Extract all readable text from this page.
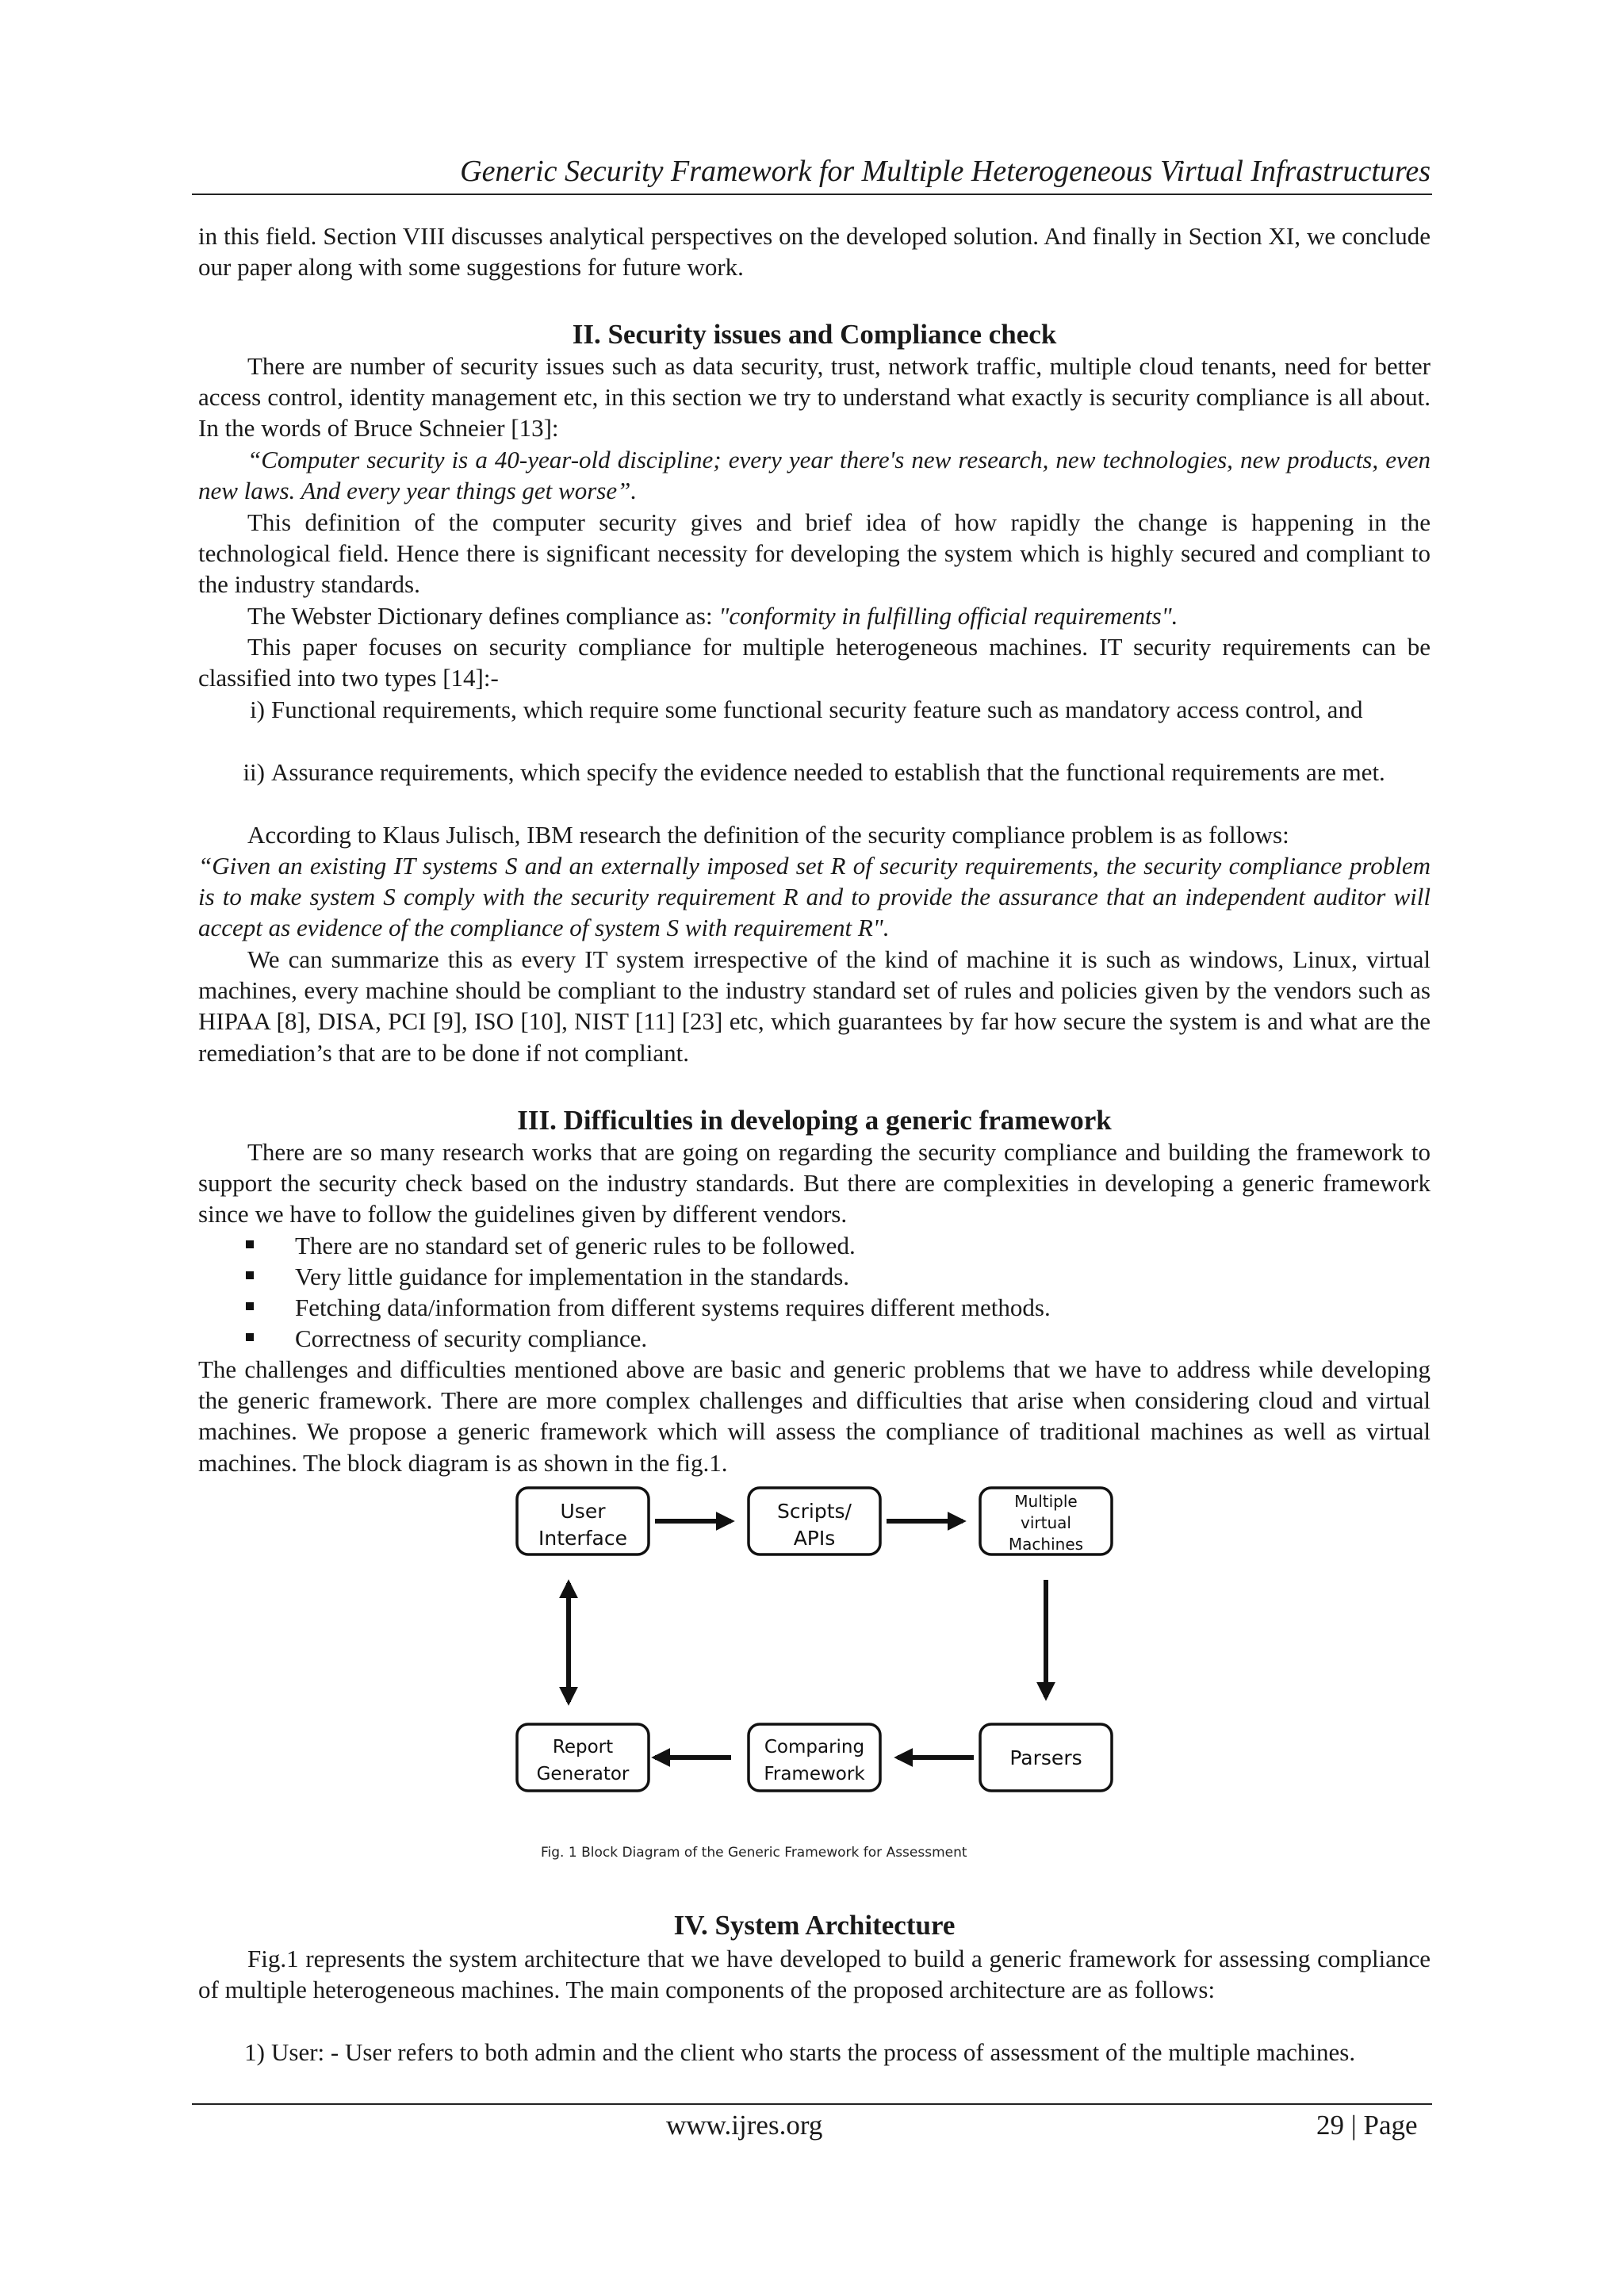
Generic Security Framework for Multiple Heterogeneous Virtual Infrastructures

in this field. Section VIII discusses analytical perspectives on the developed solution. And finally in Section XI, we conclude our paper along with some suggestions for future work.

II. Security issues and Compliance check

There are number of security issues such as data security, trust, network traffic, multiple cloud tenants, need for better access control, identity management etc, in this section we try to understand what exactly is security compliance is all about. In the words of Bruce Schneier [13]:

“Computer security is a 40-year-old discipline; every year there's new research, new technologies, new products, even new laws. And every year things get worse”.

This definition of the computer security gives and brief idea of how rapidly the change is happening in the technological field. Hence there is significant necessity for developing the system which is highly secured and compliant to the industry standards.

The Webster Dictionary defines compliance as: "conformity in fulfilling official requirements".

This paper focuses on security compliance for multiple heterogeneous machines. IT security requirements can be classified into two types [14]:-

i) Functional requirements, which require some functional security feature such as mandatory access control, and
ii) Assurance requirements, which specify the evidence needed to establish that the functional requirements are met.

According to Klaus Julisch, IBM research the definition of the security compliance problem is as follows:

“Given an existing IT systems S and an externally imposed set R of security requirements, the security compliance problem is to make system S comply with the security requirement R and to provide the assurance that an independent auditor will accept as evidence of the compliance of system S with requirement R".

We can summarize this as every IT system irrespective of the kind of machine it is such as windows, Linux, virtual machines, every machine should be compliant to the industry standard set of rules and policies given by the vendors such as HIPAA [8], DISA, PCI [9], ISO [10], NIST [11] [23] etc, which guarantees by far how secure the system is and what are the remediation’s that are to be done if not compliant.

III. Difficulties in developing a generic framework

There are so many research works that are going on regarding the security compliance and building the framework to support the security check based on the industry standards. But there are complexities in developing a generic framework since we have to follow the guidelines given by different vendors.

There are no standard set of generic rules to be followed.
Very little guidance for implementation in the standards.
Fetching data/information from different systems requires different methods.
Correctness of security compliance.

The challenges and difficulties mentioned above are basic and generic problems that we have to address while developing the generic framework. There are more complex challenges and difficulties that arise when considering cloud and virtual machines. We propose a generic framework which will assess the compliance of traditional machines as well as virtual machines. The block diagram is as shown in the fig.1.

User
Interface
Scripts/
APIs
Multiple
virtual
Machines
Report
Generator
Comparing
Framework
Parsers
Fig. 1 Block Diagram of the Generic Framework for Assessment
IV. System Architecture

Fig.1 represents the system architecture that we have developed to build a generic framework for assessing compliance of multiple heterogeneous machines. The main components of the proposed architecture are as follows:

1) User: - User refers to both admin and the client who starts the process of assessment of the multiple machines.
www.ijres.org	29 | Page
